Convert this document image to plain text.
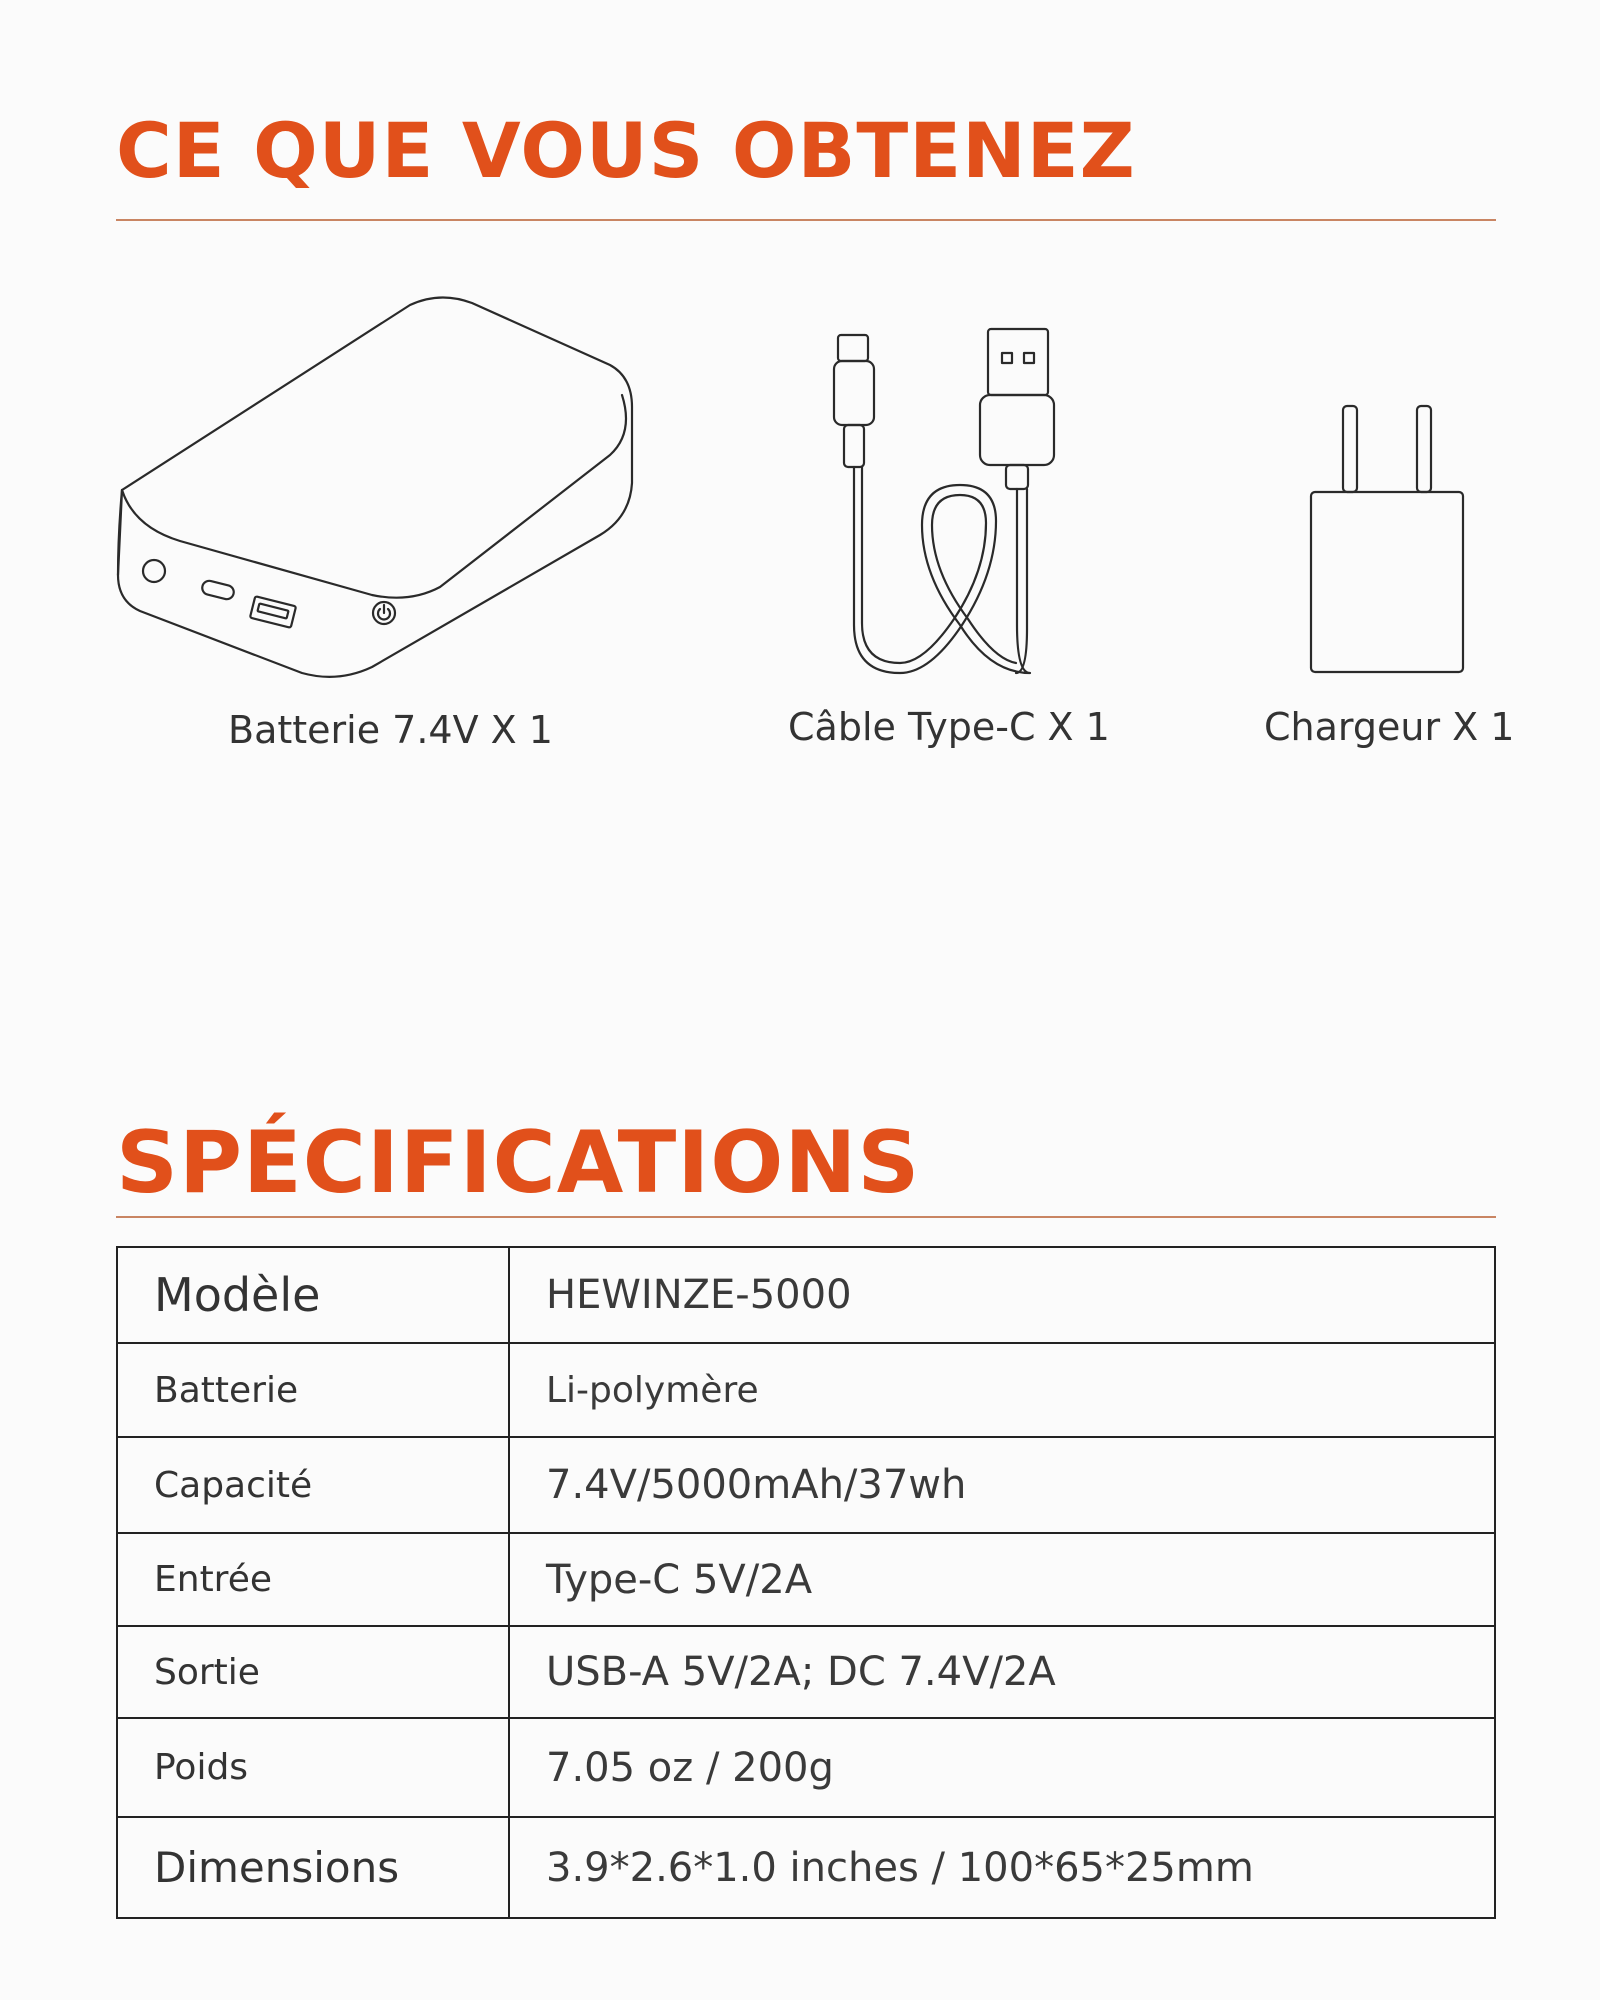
CE QUE VOUS OBTENEZ
Batterie 7.4V X 1	Câble Type-C X 1	Chargeur X 1
SPÉCIFICATIONS
Modèle	HEWINZE-5000
Batterie	Li-polymère
Capacité	7.4V/5000mAh/37wh
Entrée	Type-C 5V/2A
Sortie	USB-A 5V/2A; DC 7.4V/2A
Poids	7.05 oz / 200g
Dimensions	3.9*2.6*1.0 inches / 100*65*25mm
